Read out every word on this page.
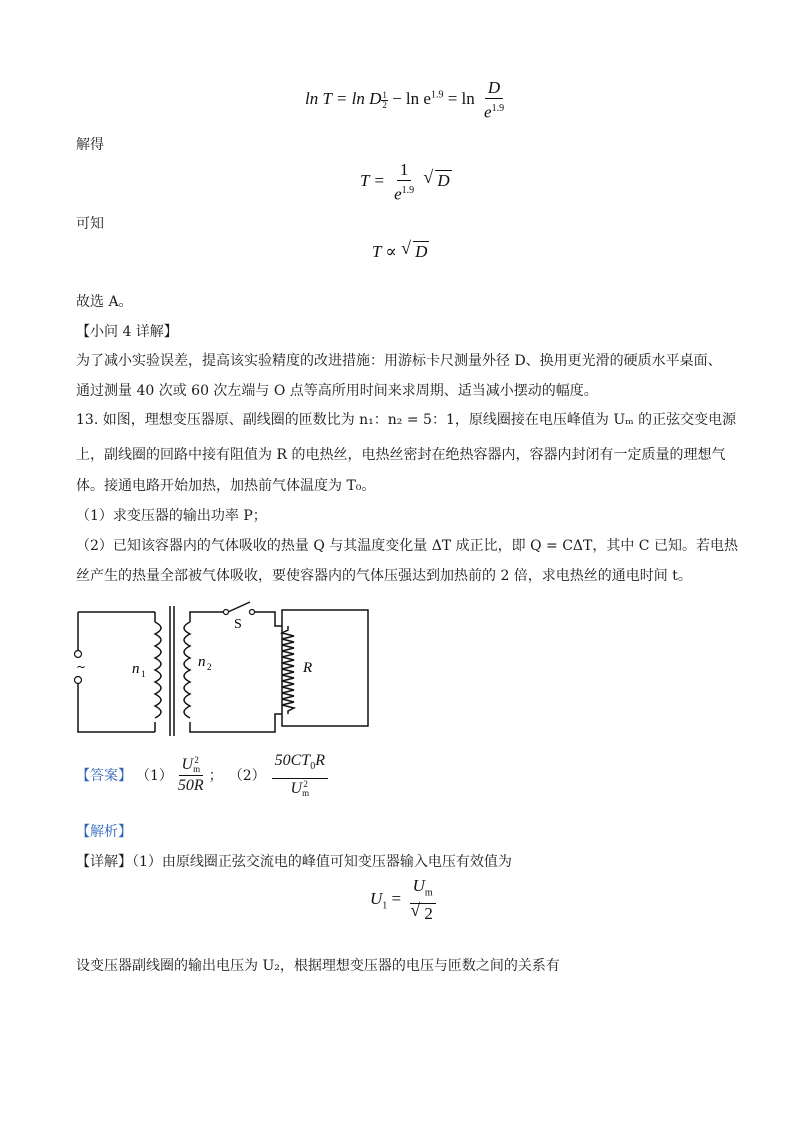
ln T = ln D $\frac{1}{2} - \ln e^{1.9} = \ln \frac{D}{e^{1.9}}$
解得
$T = \frac{1}{e^{1.9}}$
√ D
可知
T ∝ √ D
故选 A。
【小问 4 详解】
为了减小实验误差，提高该实验精度的改进措施：用游标卡尺测量外径 D、换用更光滑的硬质水平桌面、
通过测量 40 次或 60 次左端与 O 点等高所用时间来求周期、适当减小摆动的幅度。
13. 如图，理想变压器原、副线圈的匝数比为 n₁：n₂ = 5：1，原线圈接在电压峰值为 Uₘ 的正弦交变电源
上，副线圈的回路中接有阻值为 R 的电热丝，电热丝密封在绝热容器内，容器内封闭有一定质量的理想气
体。接通电路开始加热，加热前气体温度为 T₀。
（1）求变压器的输出功率 P；
（2）已知该容器内的气体吸收的热量 Q 与其温度变化量 ΔT 成正比，即 Q = CΔT，其中 C 已知。若电热
丝产生的热量全部被气体吸收，要使容器内的气体压强达到加热前的 2 倍，求电热丝的通电时间 t。
~
S
n 1
n 2	R
【答案】 （1） U 2
m
50R ； （2） $50CT_0R$
U 2
m
【解析】
【详解】（1）由原线圈正弦交流电的峰值可知变压器输入电压有效值为
$U_1 = \frac{U_m}{√ 2}$
设变压器副线圈的输出电压为 U₂，根据理想变压器的电压与匝数之间的关系有
